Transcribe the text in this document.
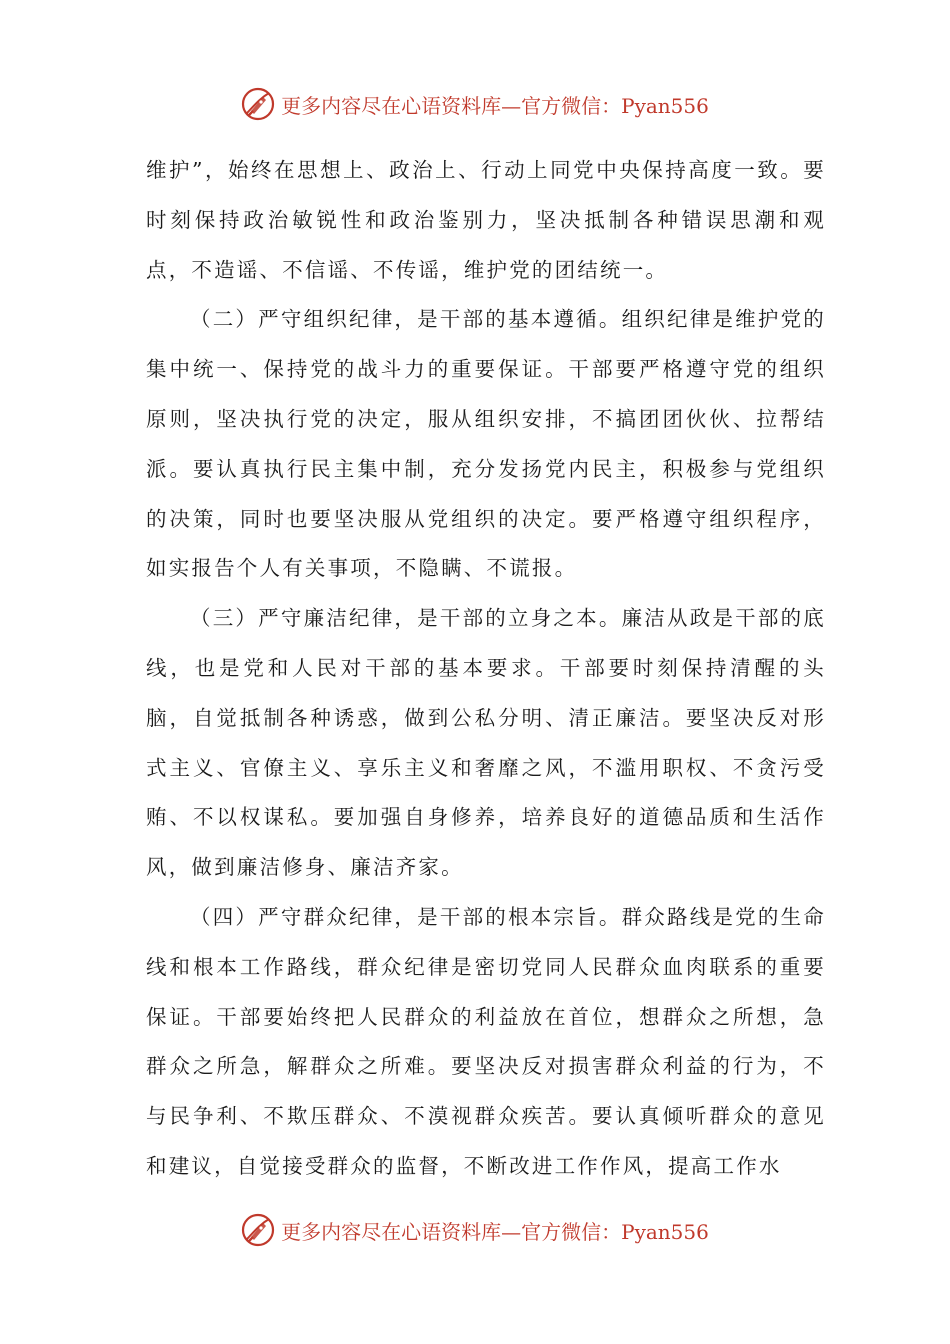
更多内容尽在心语资料库—官方微信：Pyan556

维护”，始终在思想上、政治上、行动上同党中央保持高度一致。要时刻保持政治敏锐性和政治鉴别力，坚决抵制各种错误思潮和观点，不造谣、不信谣、不传谣，维护党的团结统一。

（二）严守组织纪律，是干部的基本遵循。组织纪律是维护党的集中统一、保持党的战斗力的重要保证。干部要严格遵守党的组织原则，坚决执行党的决定，服从组织安排，不搞团团伙伙、拉帮结派。要认真执行民主集中制，充分发扬党内民主，积极参与党组织的决策，同时也要坚决服从党组织的决定。要严格遵守组织程序，如实报告个人有关事项，不隐瞒、不谎报。

（三）严守廉洁纪律，是干部的立身之本。廉洁从政是干部的底线，也是党和人民对干部的基本要求。干部要时刻保持清醒的头脑，自觉抵制各种诱惑，做到公私分明、清正廉洁。要坚决反对形式主义、官僚主义、享乐主义和奢靡之风，不滥用职权、不贪污受贿、不以权谋私。要加强自身修养，培养良好的道德品质和生活作风，做到廉洁修身、廉洁齐家。

（四）严守群众纪律，是干部的根本宗旨。群众路线是党的生命线和根本工作路线，群众纪律是密切党同人民群众血肉联系的重要保证。干部要始终把人民群众的利益放在首位，想群众之所想，急群众之所急，解群众之所难。要坚决反对损害群众利益的行为，不与民争利、不欺压群众、不漠视群众疾苦。要认真倾听群众的意见和建议，自觉接受群众的监督，不断改进工作作风，提高工作水

更多内容尽在心语资料库—官方微信：Pyan556
